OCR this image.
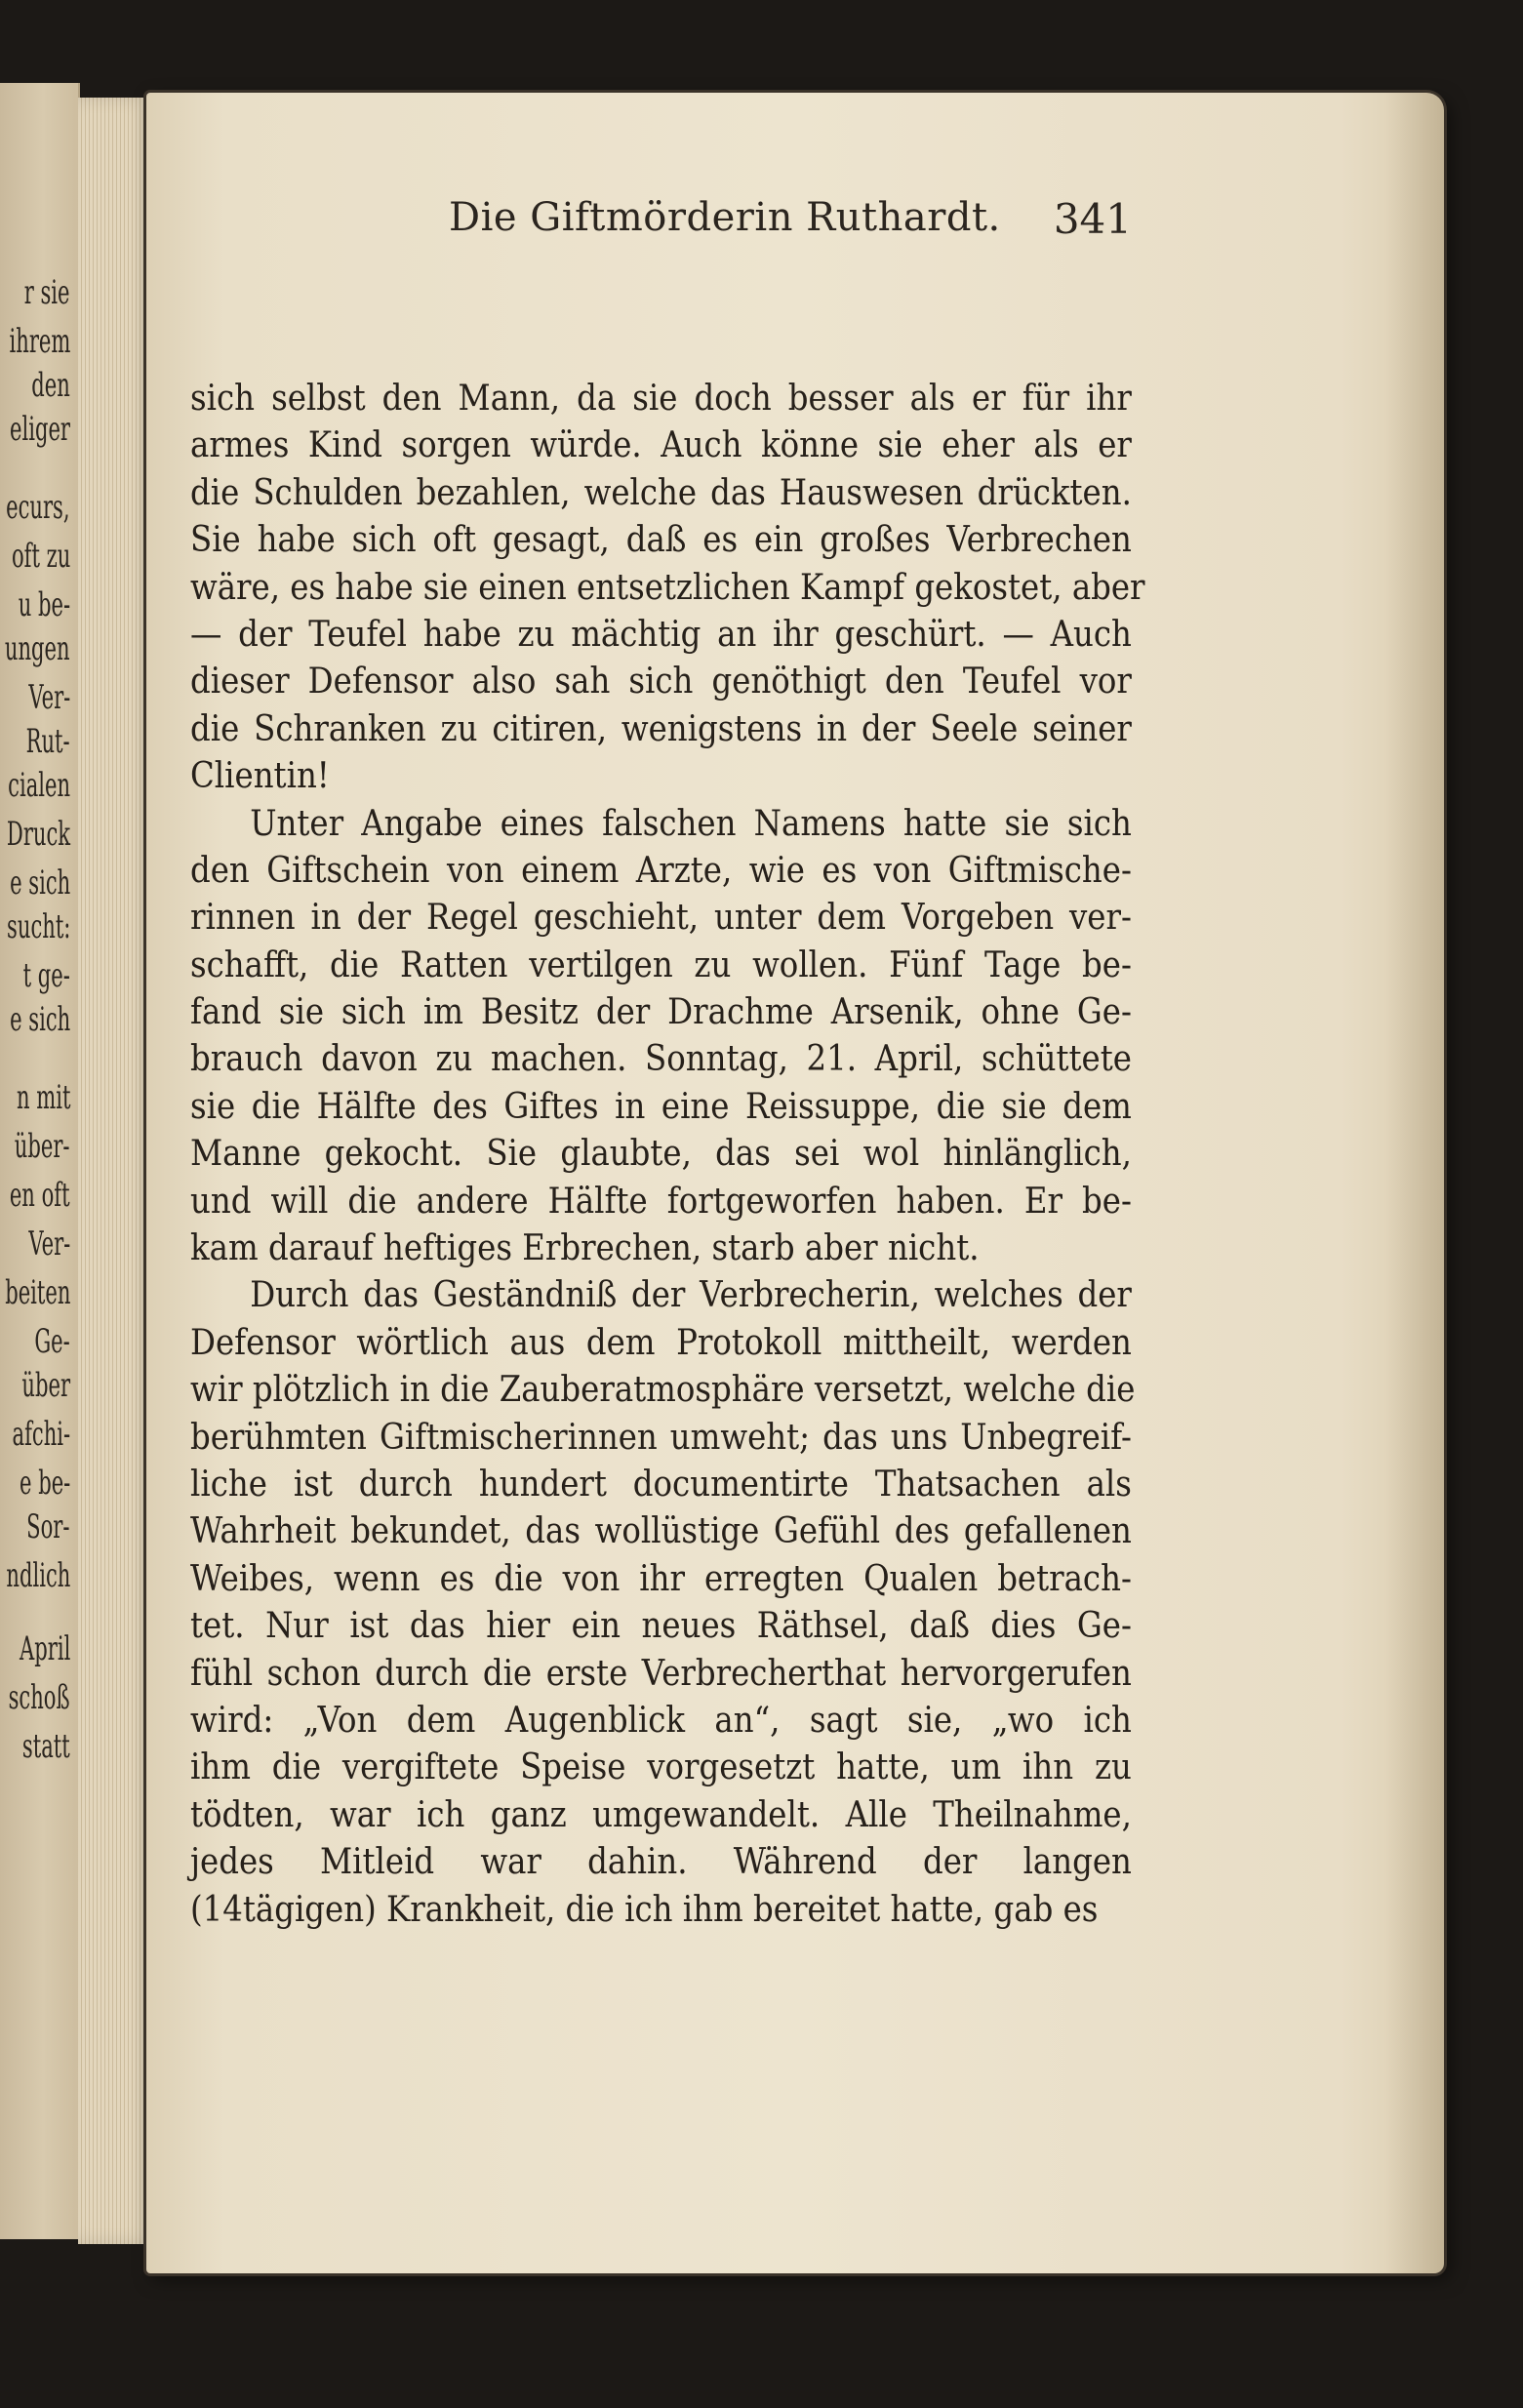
r sie
ihrem
den
eliger
ecurs,
oft zu
u be-
ungen
Ver-
Rut-
cialen
Druck
e sich
sucht:
t ge-
e sich
n mit
über-
en oft
Ver-
beiten
Ge-
über
afchi-
e be-
Sor-
ndlich
April
schoß
statt
Die Giftmörderin Ruthardt. 341
sich selbst den Mann, da sie doch besser als er für ihr
armes Kind sorgen würde. Auch könne sie eher als er
die Schulden bezahlen, welche das Hauswesen drückten.
Sie habe sich oft gesagt, daß es ein großes Verbrechen
wäre, es habe sie einen entsetzlichen Kampf gekostet, aber
— der Teufel habe zu mächtig an ihr geschürt. — Auch
dieser Defensor also sah sich genöthigt den Teufel vor
die Schranken zu citiren, wenigstens in der Seele seiner
Clientin!
Unter Angabe eines falschen Namens hatte sie sich
den Giftschein von einem Arzte, wie es von Giftmische-
rinnen in der Regel geschieht, unter dem Vorgeben ver-
schafft, die Ratten vertilgen zu wollen. Fünf Tage be-
fand sie sich im Besitz der Drachme Arsenik, ohne Ge-
brauch davon zu machen. Sonntag, 21. April, schüttete
sie die Hälfte des Giftes in eine Reissuppe, die sie dem
Manne gekocht. Sie glaubte, das sei wol hinlänglich,
und will die andere Hälfte fortgeworfen haben. Er be-
kam darauf heftiges Erbrechen, starb aber nicht.
Durch das Geständniß der Verbrecherin, welches der
Defensor wörtlich aus dem Protokoll mittheilt, werden
wir plötzlich in die Zauberatmosphäre versetzt, welche die
berühmten Giftmischerinnen umweht; das uns Unbegreif-
liche ist durch hundert documentirte Thatsachen als
Wahrheit bekundet, das wollüstige Gefühl des gefallenen
Weibes, wenn es die von ihr erregten Qualen betrach-
tet. Nur ist das hier ein neues Räthsel, daß dies Ge-
fühl schon durch die erste Verbrecherthat hervorgerufen
wird: „Von dem Augenblick an“, sagt sie, „wo ich
ihm die vergiftete Speise vorgesetzt hatte, um ihn zu
tödten, war ich ganz umgewandelt. Alle Theilnahme,
jedes Mitleid war dahin. Während der langen
(14tägigen) Krankheit, die ich ihm bereitet hatte, gab es
